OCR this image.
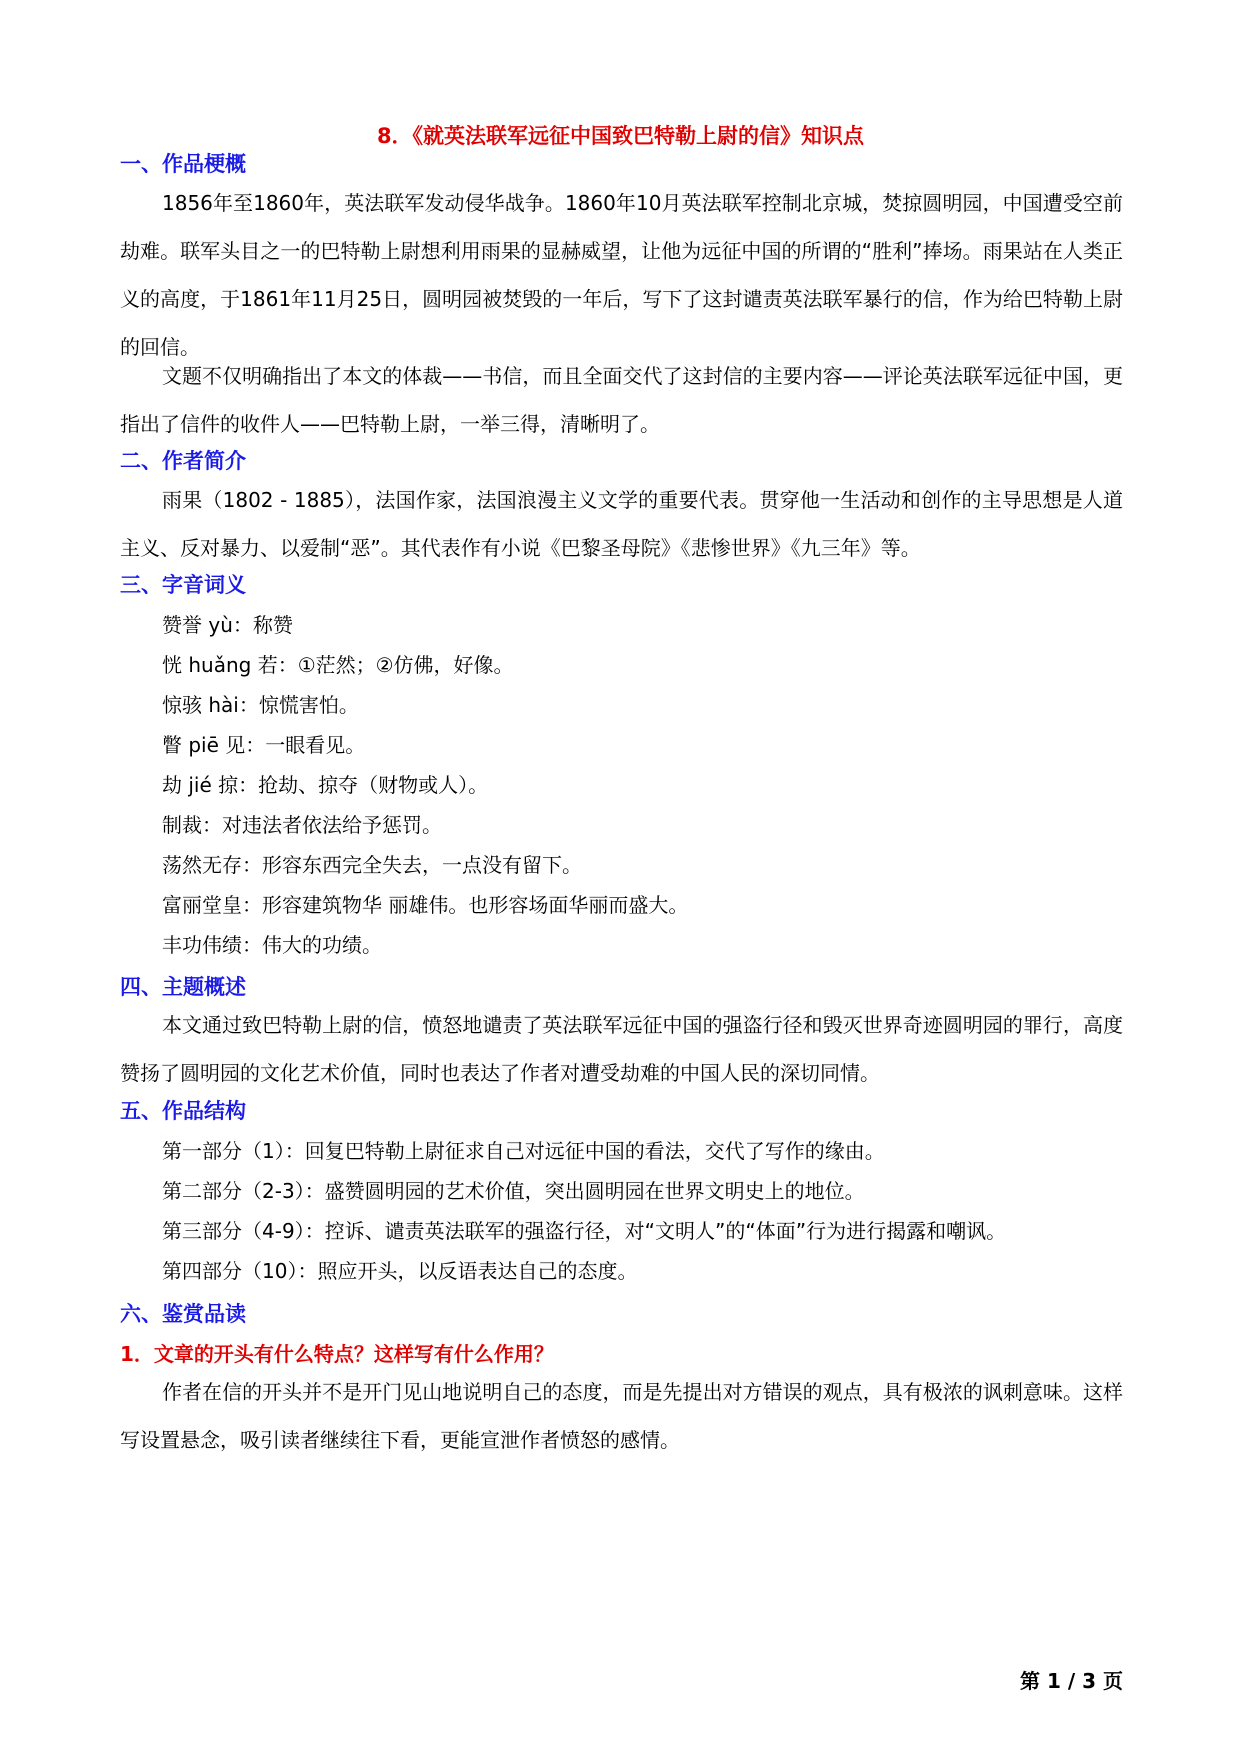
8．《就英法联军远征中国致巴特勒上尉的信》知识点
一、作品梗概
1856年至1860年，英法联军发动侵华战争。1860年10月英法联军控制北京城，焚掠圆明园，中国遭受空前劫难。联军头目之一的巴特勒上尉想利用雨果的显赫威望，让他为远征中国的所谓的“胜利”捧场。雨果站在人类正义的高度，于1861年11月25日，圆明园被焚毁的一年后，写下了这封谴责英法联军暴行的信，作为给巴特勒上尉的回信。
文题不仅明确指出了本文的体裁——书信，而且全面交代了这封信的主要内容——评论英法联军远征中国，更指出了信件的收件人——巴特勒上尉，一举三得，清晰明了。
二、作者简介
雨果（1802 - 1885），法国作家，法国浪漫主义文学的重要代表。贯穿他一生活动和创作的主导思想是人道主义、反对暴力、以爱制“恶”。其代表作有小说《巴黎圣母院》《悲惨世界》《九三年》等。
三、字音词义
赞誉 yù：称赞
恍 huǎng 若：①茫然；②仿佛，好像。
惊骇 hài：惊慌害怕。
瞥 piē 见：一眼看见。
劫 jié 掠：抢劫、掠夺（财物或人）。
制裁：对违法者依法给予惩罚。
荡然无存：形容东西完全失去，一点没有留下。
富丽堂皇：形容建筑物华 丽雄伟。也形容场面华丽而盛大。
丰功伟绩：伟大的功绩。
四、主题概述
本文通过致巴特勒上尉的信，愤怒地谴责了英法联军远征中国的强盗行径和毁灭世界奇迹圆明园的罪行，高度赞扬了圆明园的文化艺术价值，同时也表达了作者对遭受劫难的中国人民的深切同情。
五、作品结构
第一部分（1）：回复巴特勒上尉征求自己对远征中国的看法，交代了写作的缘由。
第二部分（2-3）：盛赞圆明园的艺术价值，突出圆明园在世界文明史上的地位。
第三部分（4-9）：控诉、谴责英法联军的强盗行径，对“文明人”的“体面”行为进行揭露和嘲讽。
第四部分（10）：照应开头，以反语表达自己的态度。
六、鉴赏品读
1．文章的开头有什么特点？这样写有什么作用？
作者在信的开头并不是开门见山地说明自己的态度，而是先提出对方错误的观点，具有极浓的讽刺意味。这样写设置悬念，吸引读者继续往下看，更能宣泄作者愤怒的感情。
第 1 / 3 页
